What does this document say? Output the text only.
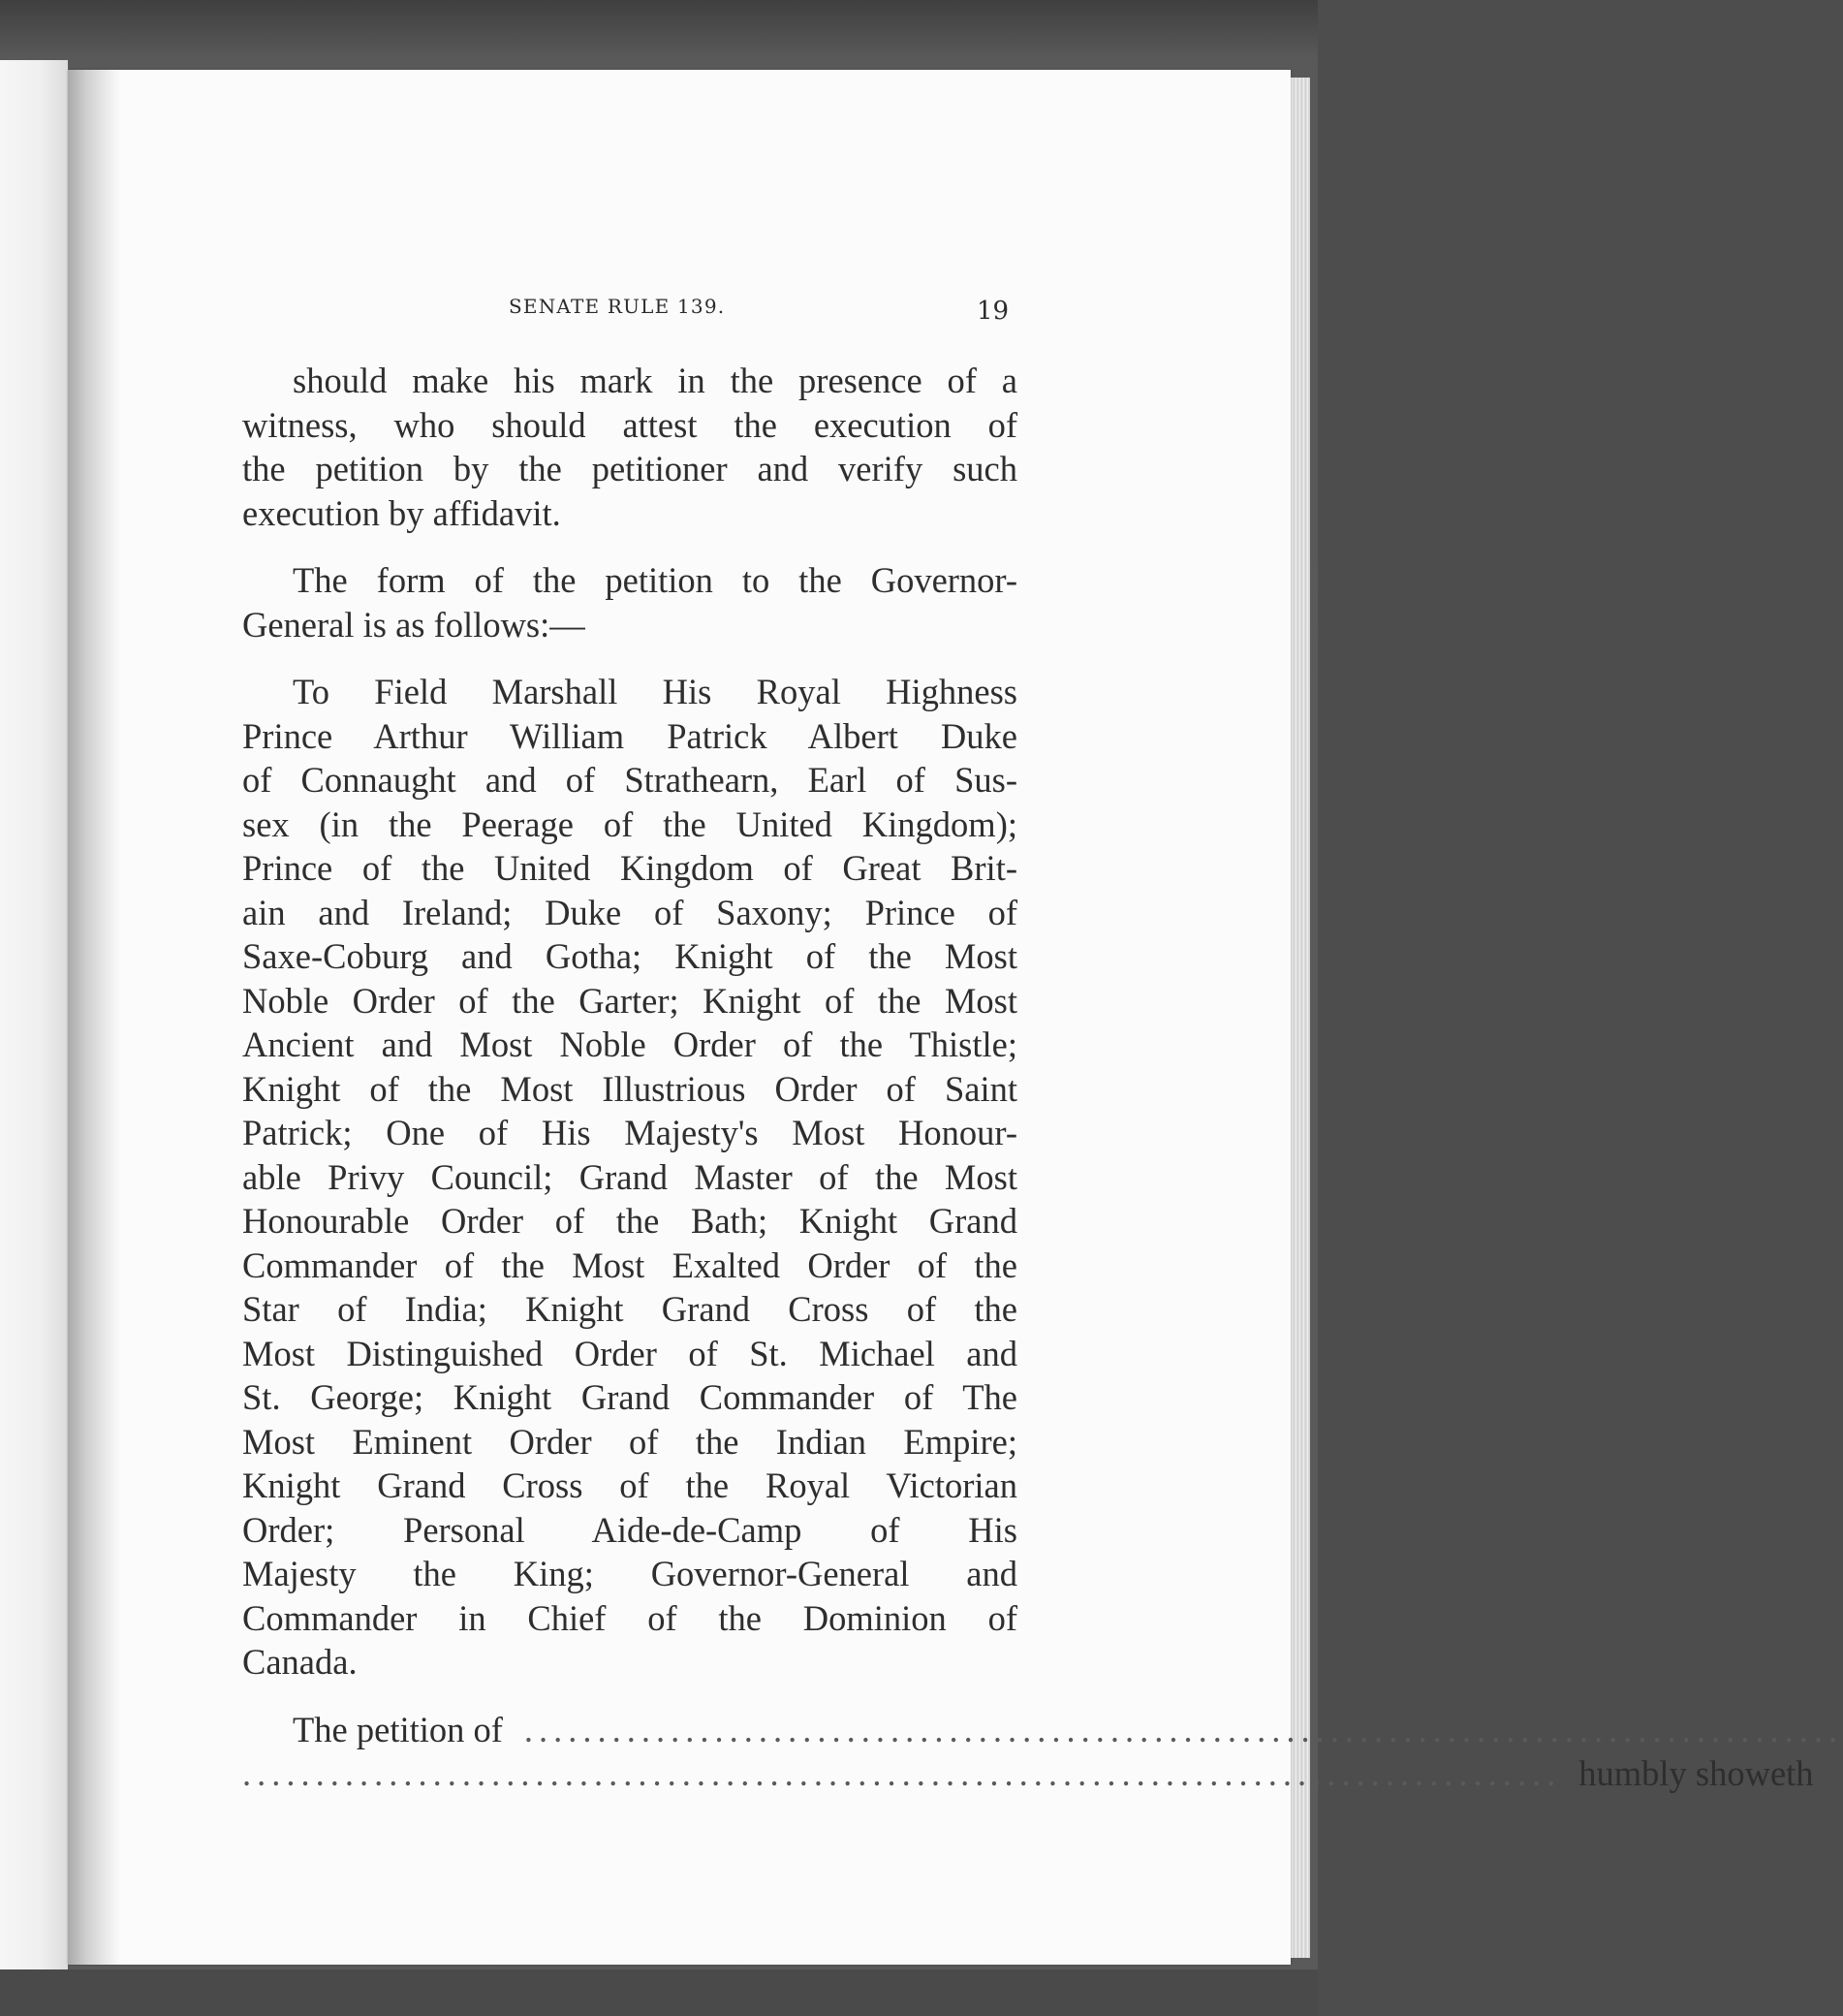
SENATE RULE 139.	19
should make his mark in the presence of a
witness, who should attest the execution of
the petition by the petitioner and verify such
execution by affidavit.
The form of the petition to the Governor-
General is as follows:—
To Field Marshall His Royal Highness
Prince Arthur William Patrick Albert Duke
of Connaught and of Strathearn, Earl of Sus-
sex (in the Peerage of the United Kingdom);
Prince of the United Kingdom of Great Brit-
ain and Ireland; Duke of Saxony; Prince of
Saxe-Coburg and Gotha; Knight of the Most
Noble Order of the Garter; Knight of the Most
Ancient and Most Noble Order of the Thistle;
Knight of the Most Illustrious Order of Saint
Patrick; One of His Majesty's Most Honour-
able Privy Council; Grand Master of the Most
Honourable Order of the Bath; Knight Grand
Commander of the Most Exalted Order of the
Star of India; Knight Grand Cross of the
Most Distinguished Order of St. Michael and
St. George; Knight Grand Commander of The
Most Eminent Order of the Indian Empire;
Knight Grand Cross of the Royal Victorian
Order; Personal Aide-de-Camp of His
Majesty the King; Governor-General and
Commander in Chief of the Dominion of
Canada.
The petition of ..........................................................................................
.......................................................................................... humbly showeth
